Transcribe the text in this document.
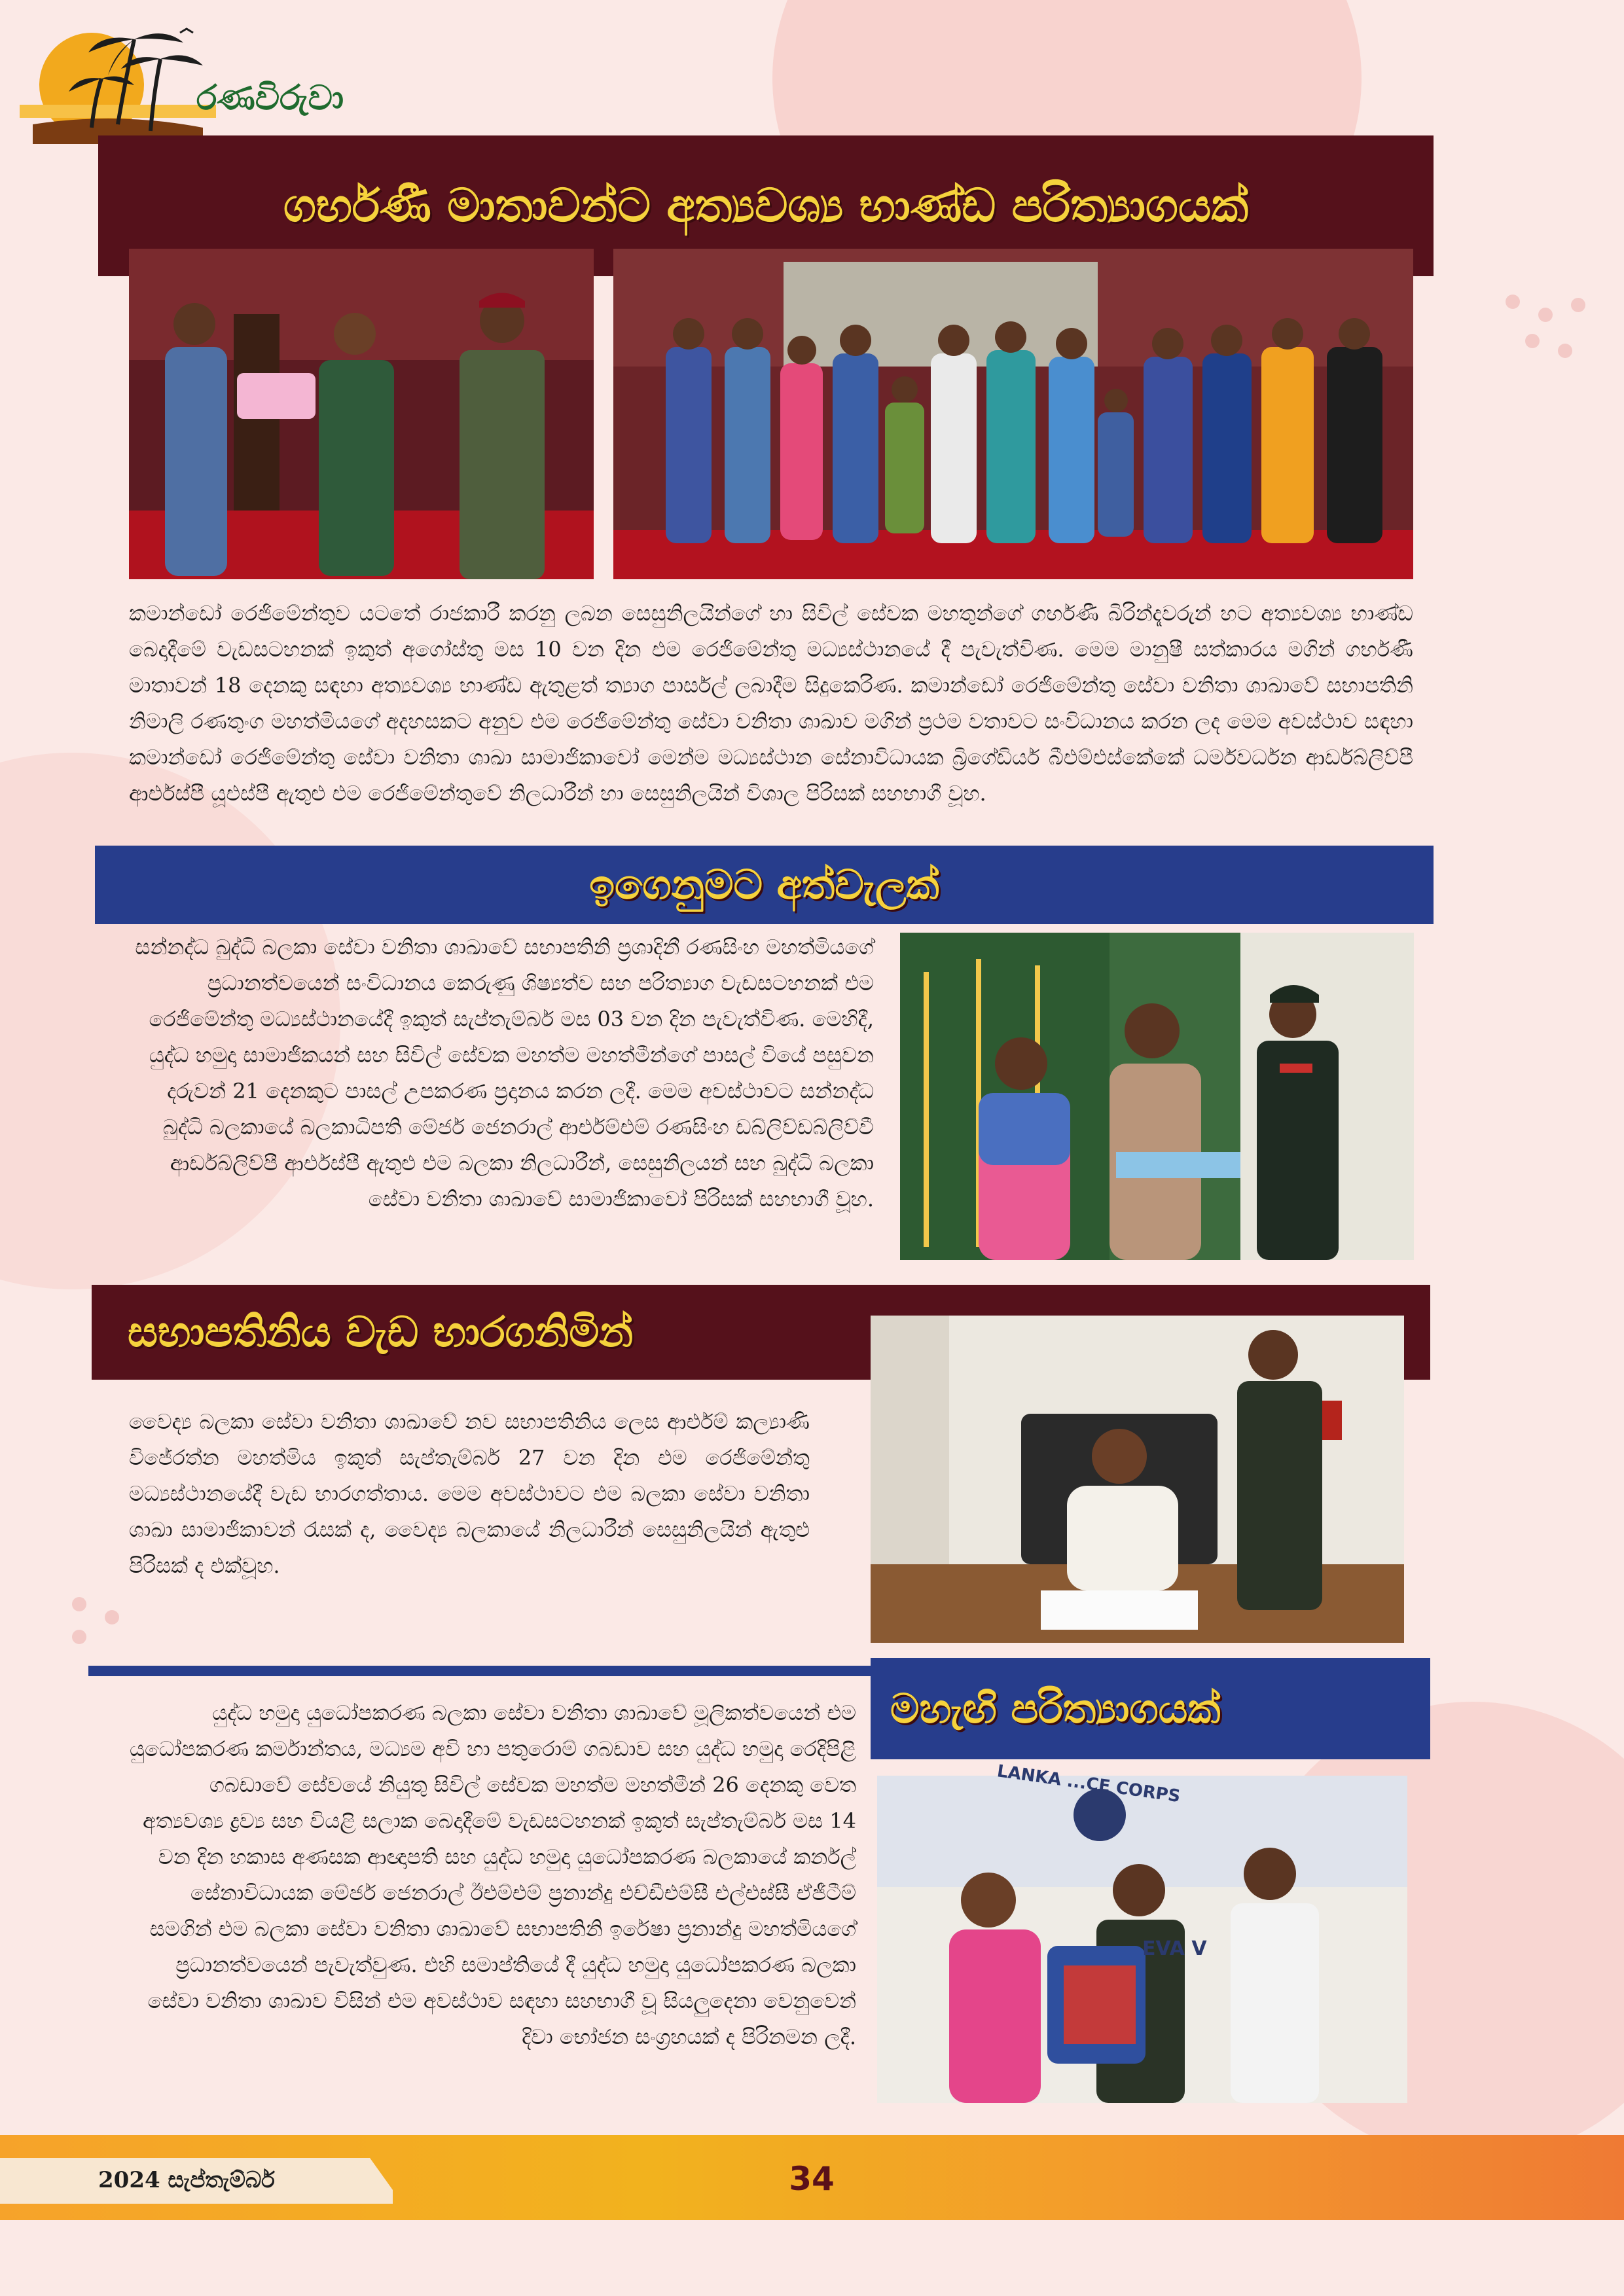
රණවිරුවා
ගර්භණී මාතාවන්ට අත්‍යවශ්‍ය භාණ්ඩ පරිත්‍යාගයක්

කමාන්ඩෝ රෙජිමේන්තුව යටතේ රාජකාරී කරනු ලබන සෙසුනිලයින්ගේ හා සිවිල් සේවක මහතුන්ගේ ගර්භණී බිරින්දෑවරුන් හට අත්‍යවශ්‍ය භාණ්ඩ බෙදාදීමේ වැඩසටහනක් ඉකුත් අගෝස්තු මස 10 වන දින එම රෙජිමේන්තු මධ්‍යස්ථානයේ දී පැවැත්විණ. මෙම මානුෂී සත්කාරය මගින් ගර්භණී මාතාවන් 18 දෙනකු සඳහා අත්‍යවශ්‍ය භාණ්ඩ ඇතුළත් ත්‍යාග පාර්සල් ලබාදීම සිදුකෙරිණ. කමාන්ඩෝ රෙජිමේන්තු සේවා වනිතා ශාඛාවේ සභාපතිනි නිමාලි රණතුංග මහත්මියගේ අදහසකට අනුව එම රෙජිමේන්තු සේවා වනිතා ශාඛාව මගින් ප්‍රථම වතාවට සංවිධානය කරන ලද මෙම අවස්ථාව සඳහා කමාන්ඩෝ රෙජිමේන්තු සේවා වනිතා ශාඛා සාමාජිකාවෝ මෙන්ම මධ්‍යස්ථාන සේනාවිධායක බ්‍රිගේඩියර් බීඑම්එස්කේකේ ධර්මවර්ධන ආර්ඩබ්ලිව්පී ආර්එස්පී යූඑස්පී ඇතුළු එම රෙජිමේන්තුවේ නිලධාරීන් හා සෙසුනිලයින් විශාල පිරිසක් සහභාගී වූහ.

ඉගෙනුමට අත්වැලක්

සන්නද්ධ බුද්ධි බලකා සේවා වනිතා ශාඛාවේ සභාපතිනි ප්‍රශාදිනී රණසිංහ මහත්මියගේ ප්‍රධානත්වයෙන් සංවිධානය කෙරුණු ශිෂ්‍යත්ව සහ පරිත්‍යාග වැඩසටහනක් එම රෙජිමේන්තු මධ්‍යස්ථානයේදී ඉකුත් සැප්තැම්බර් මස 03 වන දින පැවැත්විණ. මෙහිදී, යුද්ධ හමුදා සාමාජිකයන් සහ සිවිල් සේවක මහත්ම මහත්මීන්ගේ පාසල් වියේ පසුවන දරුවන් 21 දෙනකුට පාසල් උපකරණ ප්‍රදානය කරන ලදී. මෙම අවස්ථාවට සන්නද්ධ බුද්ධි බලකායේ බලකාධිපති මේජර් ජෙනරාල් ආර්එම්එම් රණසිංහ ඩබ්ලිව්ඩබ්ලිව්වී ආර්ඩබ්ලිව්පී ආර්එස්පී ඇතුළු එම බලකා නිලධාරීන්, සෙසුනිලයන් සහ බුද්ධි බලකා සේවා වනිතා ශාඛාවේ සාමාජිකාවෝ පිරිසක් සහභාගී වූහ.

සභාපතිනිය වැඩ භාරගනිමින්

වෛද්‍ය බලකා සේවා වනිතා ශාඛාවේ නව සභාපතිනිය ලෙස ආර්එම් කල්‍යාණි විජේරත්න මහත්මිය ඉකුත් සැප්තැම්බර් 27 වන දින එම රෙජිමේන්තු මධ්‍යස්ථානයේදී වැඩ භාරගත්තාය. මෙම අවස්ථාවට එම බලකා සේවා වනිතා ශාඛා සාමාජිකාවන් රැසක් ද, වෛද්‍ය බලකායේ නිලධාරීන් සෙසුනිලයින් ඇතුළු පිරිසක් ද එක්වූහ.

මහැඟි පරිත්‍යාගයක්

යුද්ධ හමුදා යුධෝපකරණ බලකා සේවා වනිතා ශාඛාවේ මූලිකත්වයෙන් එම යුධෝපකරණ කර්මාන්තය, මධ්‍යම අවි හා පතුරොම් ගබඩාව සහ යුද්ධ හමුදා රෙදිපිළි ගබඩාවේ සේවයේ නියුතු සිවිල් සේවක මහත්ම මහත්මීන් 26 දෙනකු වෙත අත්‍යවශ්‍ය ද්‍රව්‍ය සහ වියළි සලාක බෙදාදීමේ වැඩසටහනක් ඉකුත් සැප්තැම්බර් මස 14 වන දින හකාස අණසක ආඥාපති සහ යුද්ධ හමුදා යුධෝපකරණ බලකායේ කර්නල් සේනාවිධායක මේජර් ජෙනරාල් ඊඑම්එම් ප්‍රනාන්දු එච්ඩීඑම්සී එල්එස්සී ඒජීටීම් සමගින් එම බලකා සේවා වනිතා ශාඛාවේ සභාපතිනි ඉරේෂා ප්‍රනාන්දු මහත්මියගේ ප්‍රධානත්වයෙන් පැවැත්වුණ. එහි සමාප්තියේ දී යුද්ධ හමුදා යුධෝපකරණ බලකා සේවා වනිතා ශාඛාව විසින් එම අවස්ථාව සඳහා සහභාගී වූ සියලුදෙනා වෙනුවෙන් දිවා භෝජන සංග්‍රහයක් ද පිරිනමන ලදී.

LANKA ...CE CORPS
EVA V
2024 සැප්තැම්බර්	34
